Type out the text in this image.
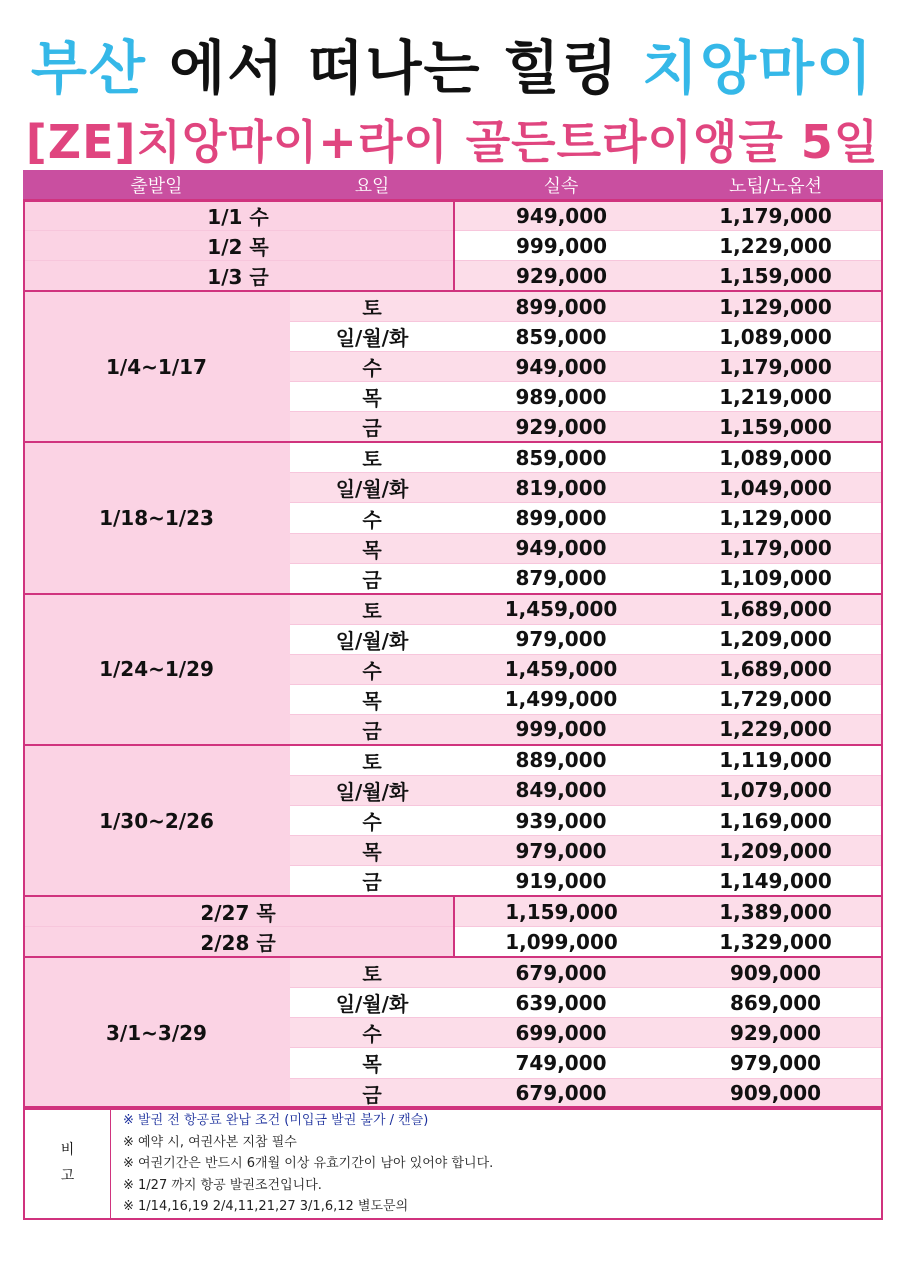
부산 에서 떠나는 힐링 치앙마이
[ZE]치앙마이+라이 골든트라이앵글 5일
출발일	요일	실속	노팁/노옵션
1/1 수		949,000	1,179,000
1/2 목		999,000	1,229,000
1/3 금		929,000	1,159,000
1/4~1/17	토	899,000	1,129,000
	일/월/화	859,000	1,089,000
	수	949,000	1,179,000
	목	989,000	1,219,000
	금	929,000	1,159,000
1/18~1/23	토	859,000	1,089,000
	일/월/화	819,000	1,049,000
	수	899,000	1,129,000
	목	949,000	1,179,000
	금	879,000	1,109,000
1/24~1/29	토	1,459,000	1,689,000
	일/월/화	979,000	1,209,000
	수	1,459,000	1,689,000
	목	1,499,000	1,729,000
	금	999,000	1,229,000
1/30~2/26	토	889,000	1,119,000
	일/월/화	849,000	1,079,000
	수	939,000	1,169,000
	목	979,000	1,209,000
	금	919,000	1,149,000
2/27 목		1,159,000	1,389,000
2/28 금		1,099,000	1,329,000
3/1~3/29	토	679,000	909,000
	일/월/화	639,000	869,000
	수	699,000	929,000
	목	749,000	979,000
	금	679,000	909,000
비
고
※ 발권 전 항공료 완납 조건 (미입금 발권 불가 / 캔슬)
※ 예약 시, 여권사본 지참 필수
※ 여권기간은 반드시 6개월 이상 유효기간이 남아 있어야 합니다.
※ 1/27 까지 항공 발권조건입니다.
※ 1/14,16,19 2/4,11,21,27 3/1,6,12 별도문의
